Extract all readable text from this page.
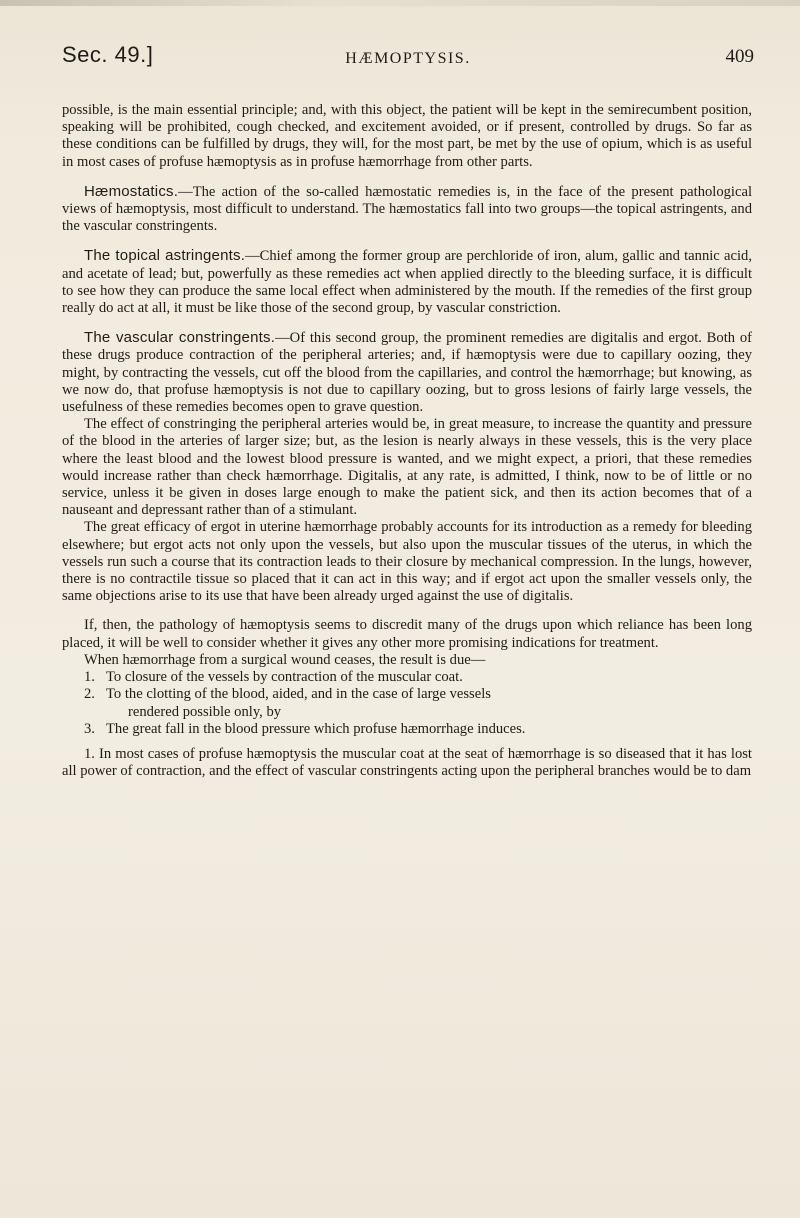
Sec. 49.]	HÆMOPTYSIS.	409

possible, is the main essential principle; and, with this object, the patient will be kept in the semirecumbent position, speaking will be prohibited, cough checked, and excitement avoided, or if present, controlled by drugs. So far as these conditions can be fulfilled by drugs, they will, for the most part, be met by the use of opium, which is as useful in most cases of profuse hæmoptysis as in profuse hæmorrhage from other parts.

Hæmostatics.—The action of the so-called hæmostatic remedies is, in the face of the present pathological views of hæmoptysis, most difficult to understand. The hæmostatics fall into two groups—the topical astringents, and the vascular constringents.

The topical astringents.—Chief among the former group are perchloride of iron, alum, gallic and tannic acid, and acetate of lead; but, powerfully as these remedies act when applied directly to the bleeding surface, it is difficult to see how they can produce the same local effect when administered by the mouth. If the remedies of the first group really do act at all, it must be like those of the second group, by vascular constriction.

The vascular constringents.—Of this second group, the prominent remedies are digitalis and ergot. Both of these drugs produce contraction of the peripheral arteries; and, if hæmoptysis were due to capillary oozing, they might, by contracting the vessels, cut off the blood from the capillaries, and control the hæmorrhage; but knowing, as we now do, that profuse hæmoptysis is not due to capillary oozing, but to gross lesions of fairly large vessels, the usefulness of these remedies becomes open to grave question.

The effect of constringing the peripheral arteries would be, in great measure, to increase the quantity and pressure of the blood in the arteries of larger size; but, as the lesion is nearly always in these vessels, this is the very place where the least blood and the lowest blood pressure is wanted, and we might expect, a priori, that these remedies would increase rather than check hæmorrhage. Digitalis, at any rate, is admitted, I think, now to be of little or no service, unless it be given in doses large enough to make the patient sick, and then its action becomes that of a nauseant and depressant rather than of a stimulant.

The great efficacy of ergot in uterine hæmorrhage probably accounts for its introduction as a remedy for bleeding elsewhere; but ergot acts not only upon the vessels, but also upon the muscular tissues of the uterus, in which the vessels run such a course that its contraction leads to their closure by mechanical compression. In the lungs, however, there is no contractile tissue so placed that it can act in this way; and if ergot act upon the smaller vessels only, the same objections arise to its use that have been already urged against the use of digitalis.

If, then, the pathology of hæmoptysis seems to discredit many of the drugs upon which reliance has been long placed, it will be well to consider whether it gives any other more promising indications for treatment.

When hæmorrhage from a surgical wound ceases, the result is due—

1. To closure of the vessels by contraction of the muscular coat.

2. To the clotting of the blood, aided, and in the case of large vessels

rendered possible only, by

3. The great fall in the blood pressure which profuse hæmorrhage induces.

1. In most cases of profuse hæmoptysis the muscular coat at the seat of hæmorrhage is so diseased that it has lost all power of contraction, and the effect of vascular constringents acting upon the peripheral branches would be to dam
